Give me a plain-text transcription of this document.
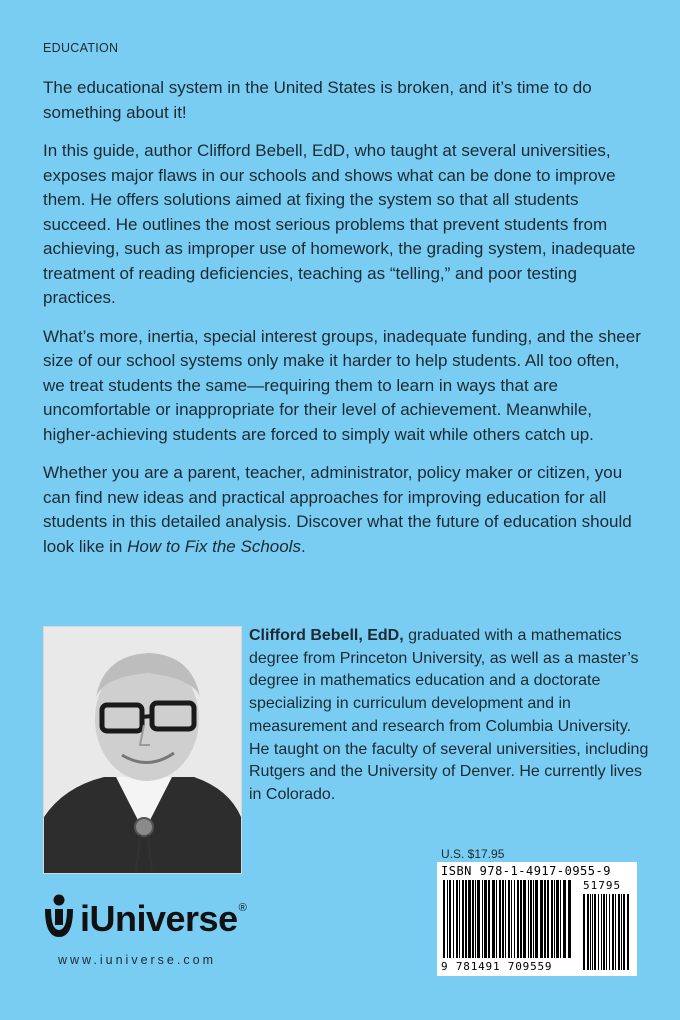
EDUCATION

The educational system in the United States is broken, and it’s time to do something about it!

In this guide, author Clifford Bebell, EdD, who taught at several universities, exposes major flaws in our schools and shows what can be done to improve them. He offers solutions aimed at fixing the system so that all students succeed. He outlines the most serious problems that prevent students from achieving, such as improper use of homework, the grading system, inadequate treatment of reading deficiencies, teaching as “telling,” and poor testing practices.

What’s more, inertia, special interest groups, inadequate funding, and the sheer size of our school systems only make it harder to help students. All too often, we treat students the same—requiring them to learn in ways that are uncomfortable or inappropriate for their level of achievement. Meanwhile, higher-achieving students are forced to simply wait while others catch up.

Whether you are a parent, teacher, administrator, policy maker or citizen, you can find new ideas and practical approaches for improving education for all students in this detailed analysis. Discover what the future of education should look like in How to Fix the Schools.

Clifford Bebell, EdD, graduated with a mathematics degree from Princeton University, as well as a master’s degree in mathematics education and a doctorate specializing in curriculum development and in measurement and research from Columbia University. He taught on the faculty of several universities, including Rutgers and the University of Denver. He currently lives in Colorado.
U.S. $17.95
ISBN 978-1-4917-0955-9
51795
9 781491 709559
iUniverse®
www.iuniverse.com
